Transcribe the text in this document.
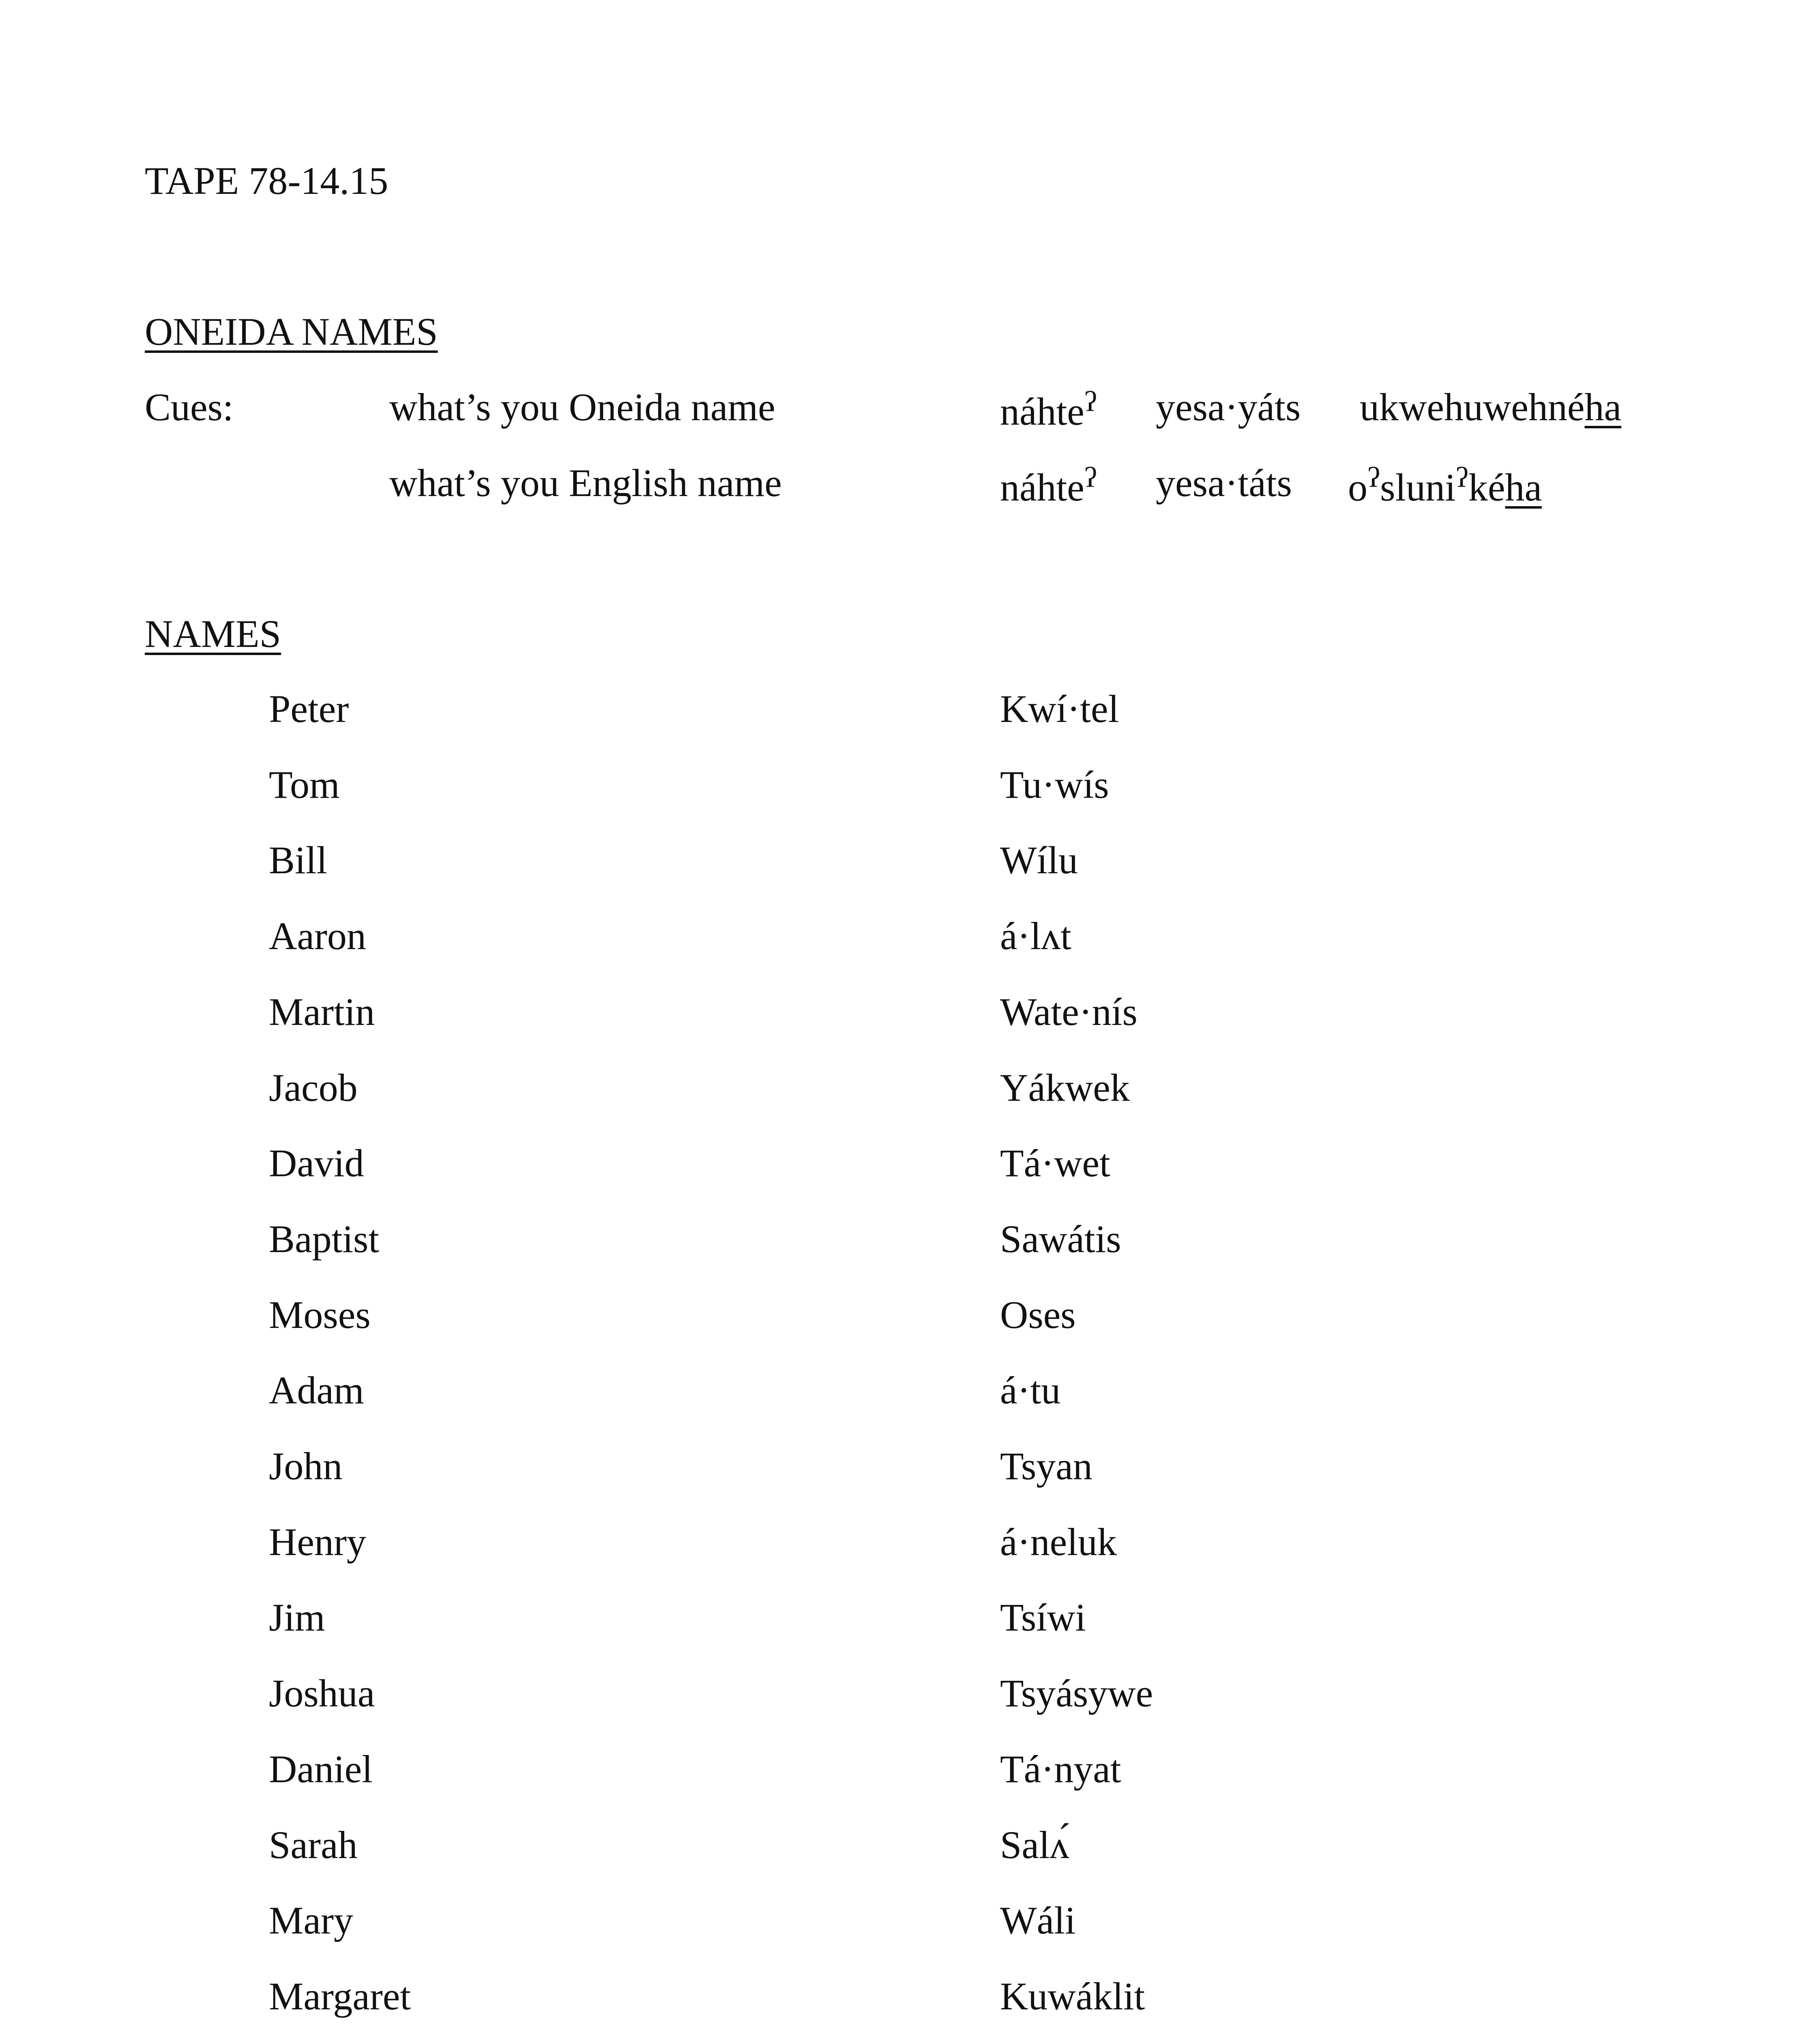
TAPE 78-14.15
ONEIDA NAMES
Cues:	what’s you Oneida name	náhte$^ʔ$ yesa·yáts ukwehuwehnéha
what’s you English name	náhte$^ʔ$ yesa·táts $o^ʔsluni^ʔkéha$
NAMES
Peter	Kwí·tel
Tom	Tu·wís
Bill	Wílu
Aaron	á·lʌt
Martin	Wate·nís
Jacob	Yákwek
David	Tá·wet
Baptist	Sawátis
Moses	Oses
Adam	á·tu
John	Tsyan
Henry	á·neluk
Jim	Tsíwi
Joshua	Tsyásywe
Daniel	Tá·nyat
Sarah	Salʌ́
Mary	Wáli
Margaret	Kuwáklit
